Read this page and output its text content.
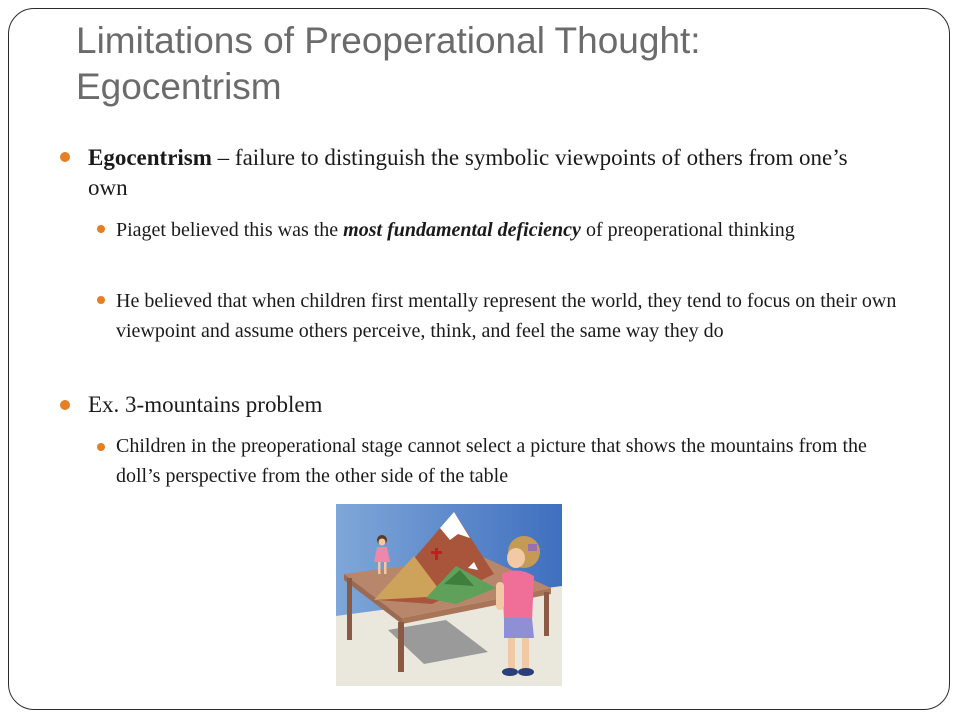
Limitations of Preoperational Thought: Egocentrism
Egocentrism – failure to distinguish the symbolic viewpoints of others from one’s own
Piaget believed this was the most fundamental deficiency of preoperational thinking
He believed that when children first mentally represent the world, they tend to focus on their own viewpoint and assume others perceive, think, and feel the same way they do
Ex. 3-mountains problem
Children in the preoperational stage cannot select a picture that shows the mountains from the doll’s perspective from the other side of the table
